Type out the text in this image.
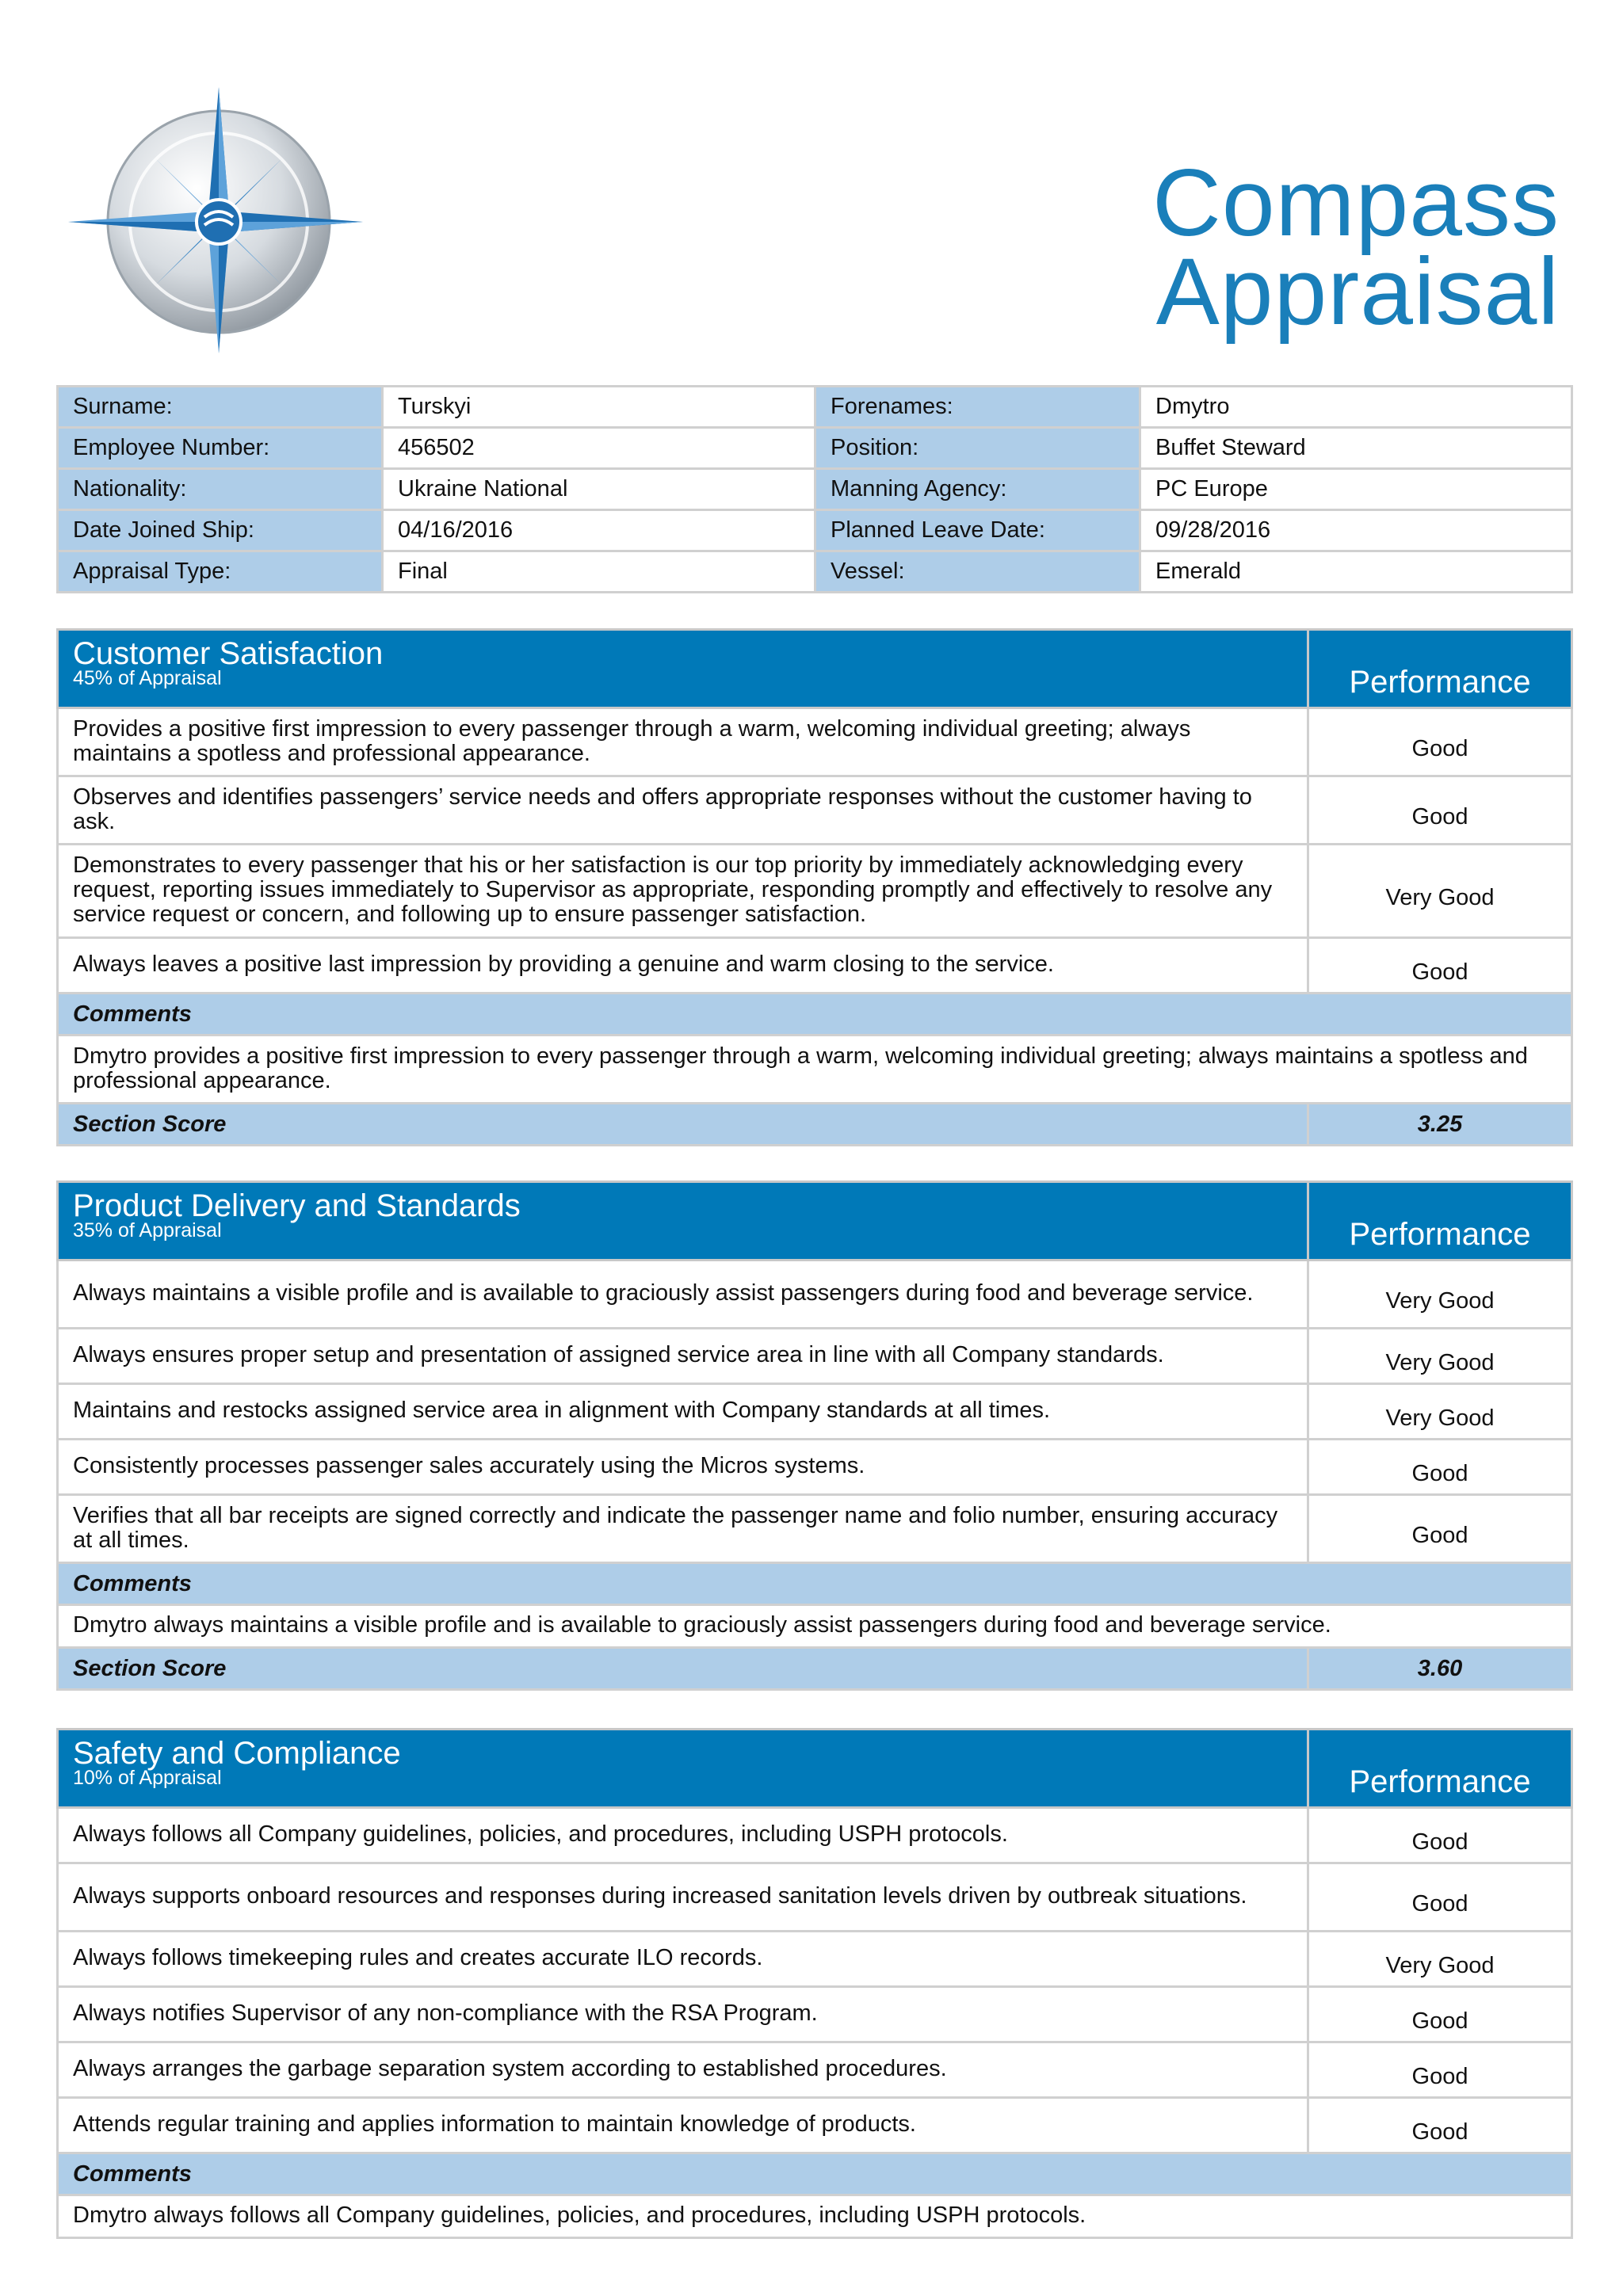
Compass
Appraisal
Surname:	Turskyi	Forenames:	Dmytro
Employee Number:	456502	Position:	Buffet Steward
Nationality:	Ukraine National	Manning Agency:	PC Europe
Date Joined Ship:	04/16/2016	Planned Leave Date:	09/28/2016
Appraisal Type:	Final	Vessel:	Emerald
Customer Satisfaction
45% of Appraisal	Performance
Provides a positive first impression to every passenger through a warm, welcoming individual greeting; always maintains a spotless and professional appearance.	Good
Observes and identifies passengers’ service needs and offers appropriate responses without the customer having to ask.	Good
Demonstrates to every passenger that his or her satisfaction is our top priority by immediately acknowledging every request, reporting issues immediately to Supervisor as appropriate, responding promptly and effectively to resolve any service request or concern, and following up to ensure passenger satisfaction.	Very Good
Always leaves a positive last impression by providing a genuine and warm closing to the service.	Good
Comments	
Dmytro provides a positive first impression to every passenger through a warm, welcoming individual greeting; always maintains a spotless and professional appearance.	
Section Score	3.25
Product Delivery and Standards
35% of Appraisal	Performance
Always maintains a visible profile and is available to graciously assist passengers during food and beverage service.	Very Good
Always ensures proper setup and presentation of assigned service area in line with all Company standards.	Very Good
Maintains and restocks assigned service area in alignment with Company standards at all times.	Very Good
Consistently processes passenger sales accurately using the Micros systems.	Good
Verifies that all bar receipts are signed correctly and indicate the passenger name and folio number, ensuring accuracy at all times.	Good
Comments	
Dmytro always maintains a visible profile and is available to graciously assist passengers during food and beverage service.	
Section Score	3.60
Safety and Compliance
10% of Appraisal	Performance
Always follows all Company guidelines, policies, and procedures, including USPH protocols.	Good
Always supports onboard resources and responses during increased sanitation levels driven by outbreak situations.	Good
Always follows timekeeping rules and creates accurate ILO records.	Very Good
Always notifies Supervisor of any non-compliance with the RSA Program.	Good
Always arranges the garbage separation system according to established procedures.	Good
Attends regular training and applies information to maintain knowledge of products.	Good
Comments	
Dmytro always follows all Company guidelines, policies, and procedures, including USPH protocols.	
